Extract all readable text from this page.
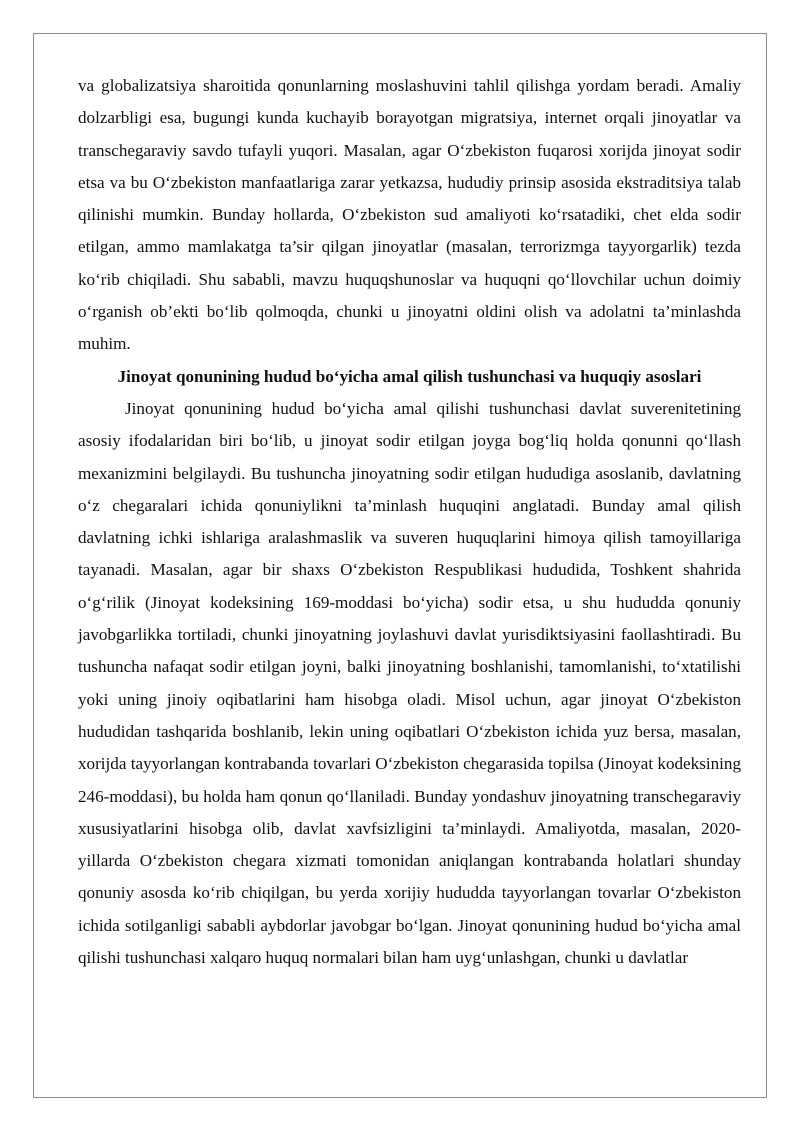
va globalizatsiya sharoitida qonunlarning moslashuvini tahlil qilishga yordam beradi. Amaliy dolzarbligi esa, bugungi kunda kuchayib borayotgan migratsiya, internet orqali jinoyatlar va transchegaraviy savdo tufayli yuqori. Masalan, agar O‘zbekiston fuqarosi xorijda jinoyat sodir etsa va bu O‘zbekiston manfaatlariga zarar yetkazsa, hududiy prinsip asosida ekstraditsiya talab qilinishi mumkin. Bunday hollarda, O‘zbekiston sud amaliyoti ko‘rsatadiki, chet elda sodir etilgan, ammo mamlakatga ta’sir qilgan jinoyatlar (masalan, terrorizmga tayyorgarlik) tezda ko‘rib chiqiladi. Shu sababli, mavzu huquqshunoslar va huquqni qo‘llovchilar uchun doimiy o‘rganish ob’ekti bo‘lib qolmoqda, chunki u jinoyatni oldini olish va adolatni ta’minlashda muhim.

Jinoyat qonunining hudud bo‘yicha amal qilish tushunchasi va huquqiy asoslari

Jinoyat qonunining hudud bo‘yicha amal qilishi tushunchasi davlat suverenitetining asosiy ifodalaridan biri bo‘lib, u jinoyat sodir etilgan joyga bog‘liq holda qonunni qo‘llash mexanizmini belgilaydi. Bu tushuncha jinoyatning sodir etilgan hududiga asoslanib, davlatning o‘z chegaralari ichida qonuniylikni ta’minlash huquqini anglatadi. Bunday amal qilish davlatning ichki ishlariga aralashmaslik va suveren huquqlarini himoya qilish tamoyillariga tayanadi. Masalan, agar bir shaxs O‘zbekiston Respublikasi hududida, Toshkent shahrida o‘g‘rilik (Jinoyat kodeksining 169-moddasi bo‘yicha) sodir etsa, u shu hududda qonuniy javobgarlikka tortiladi, chunki jinoyatning joylashuvi davlat yurisdiktsiyasini faollashtiradi. Bu tushuncha nafaqat sodir etilgan joyni, balki jinoyatning boshlanishi, tamomlanishi, to‘xtatilishi yoki uning jinoiy oqibatlarini ham hisobga oladi. Misol uchun, agar jinoyat O‘zbekiston hududidan tashqarida boshlanib, lekin uning oqibatlari O‘zbekiston ichida yuz bersa, masalan, xorijda tayyorlangan kontrabanda tovarlari O‘zbekiston chegarasida topilsa (Jinoyat kodeksining 246-moddasi), bu holda ham qonun qo‘llaniladi. Bunday yondashuv jinoyatning transchegaraviy xususiyatlarini hisobga olib, davlat xavfsizligini ta’minlaydi. Amaliyotda, masalan, 2020-yillarda O‘zbekiston chegara xizmati tomonidan aniqlangan kontrabanda holatlari shunday qonuniy asosda ko‘rib chiqilgan, bu yerda xorijiy hududda tayyorlangan tovarlar O‘zbekiston ichida sotilganligi sababli aybdorlar javobgar bo‘lgan. Jinoyat qonunining hudud bo‘yicha amal qilishi tushunchasi xalqaro huquq normalari bilan ham uyg‘unlashgan, chunki u davlatlar
